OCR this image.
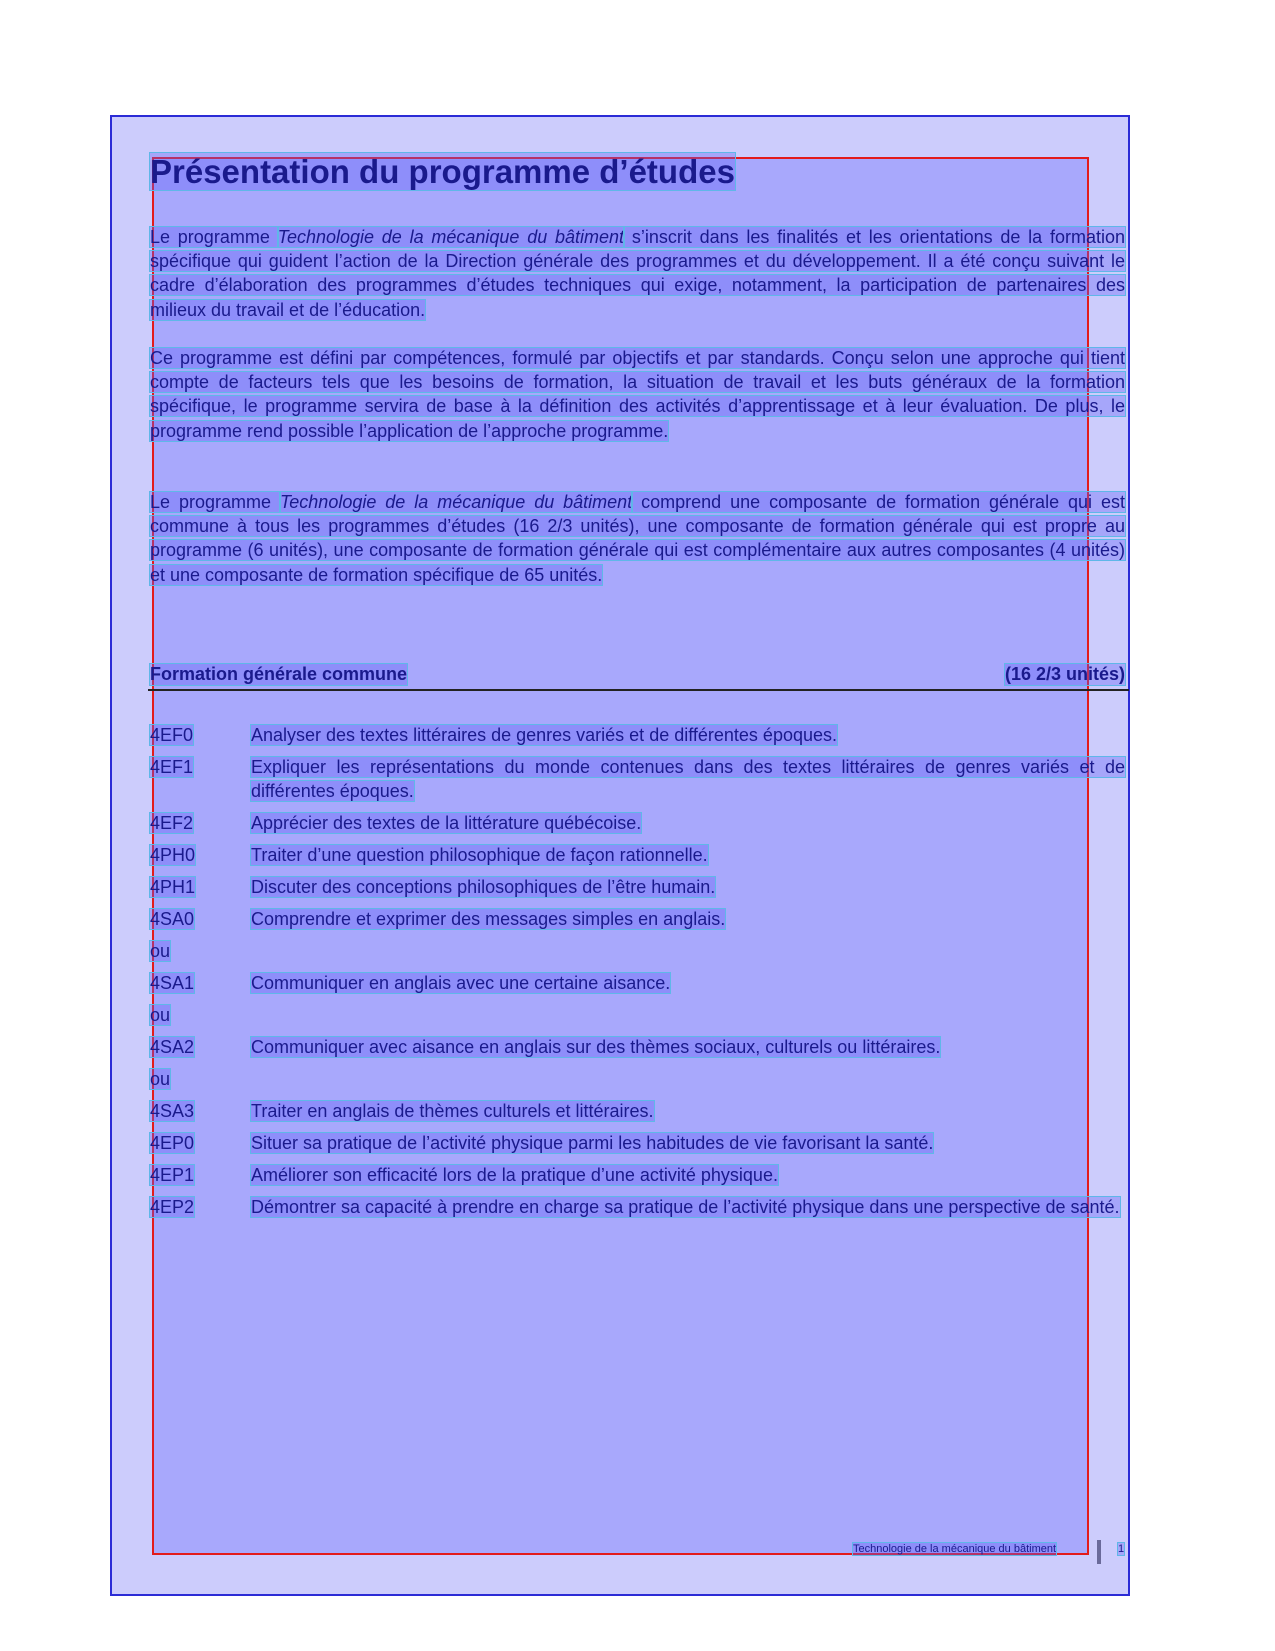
Présentation du programme d’études

Le programme Technologie de la mécanique du bâtiment s’inscrit dans les finalités et les orientations de la formation spécifique qui guident l’action de la Direction générale des programmes et du développement. Il a été conçu suivant le cadre d’élaboration des programmes d’études techniques qui exige, notamment, la participation de partenaires des milieux du travail et de l’éducation.

Ce programme est défini par compétences, formulé par objectifs et par standards. Conçu selon une approche qui tient compte de facteurs tels que les besoins de formation, la situation de travail et les buts généraux de la formation spécifique, le programme servira de base à la définition des activités d’apprentissage et à leur évaluation. De plus, le programme rend possible l’application de l’approche programme.

Le programme Technologie de la mécanique du bâtiment comprend une composante de formation générale qui est commune à tous les programmes d’études (16 2/3 unités), une composante de formation générale qui est propre au programme (6 unités), une composante de formation générale qui est complémentaire aux autres composantes (4 unités) et une composante de formation spécifique de 65 unités.

Formation générale commune	(16 2/3 unités)
4EF0	Analyser des textes littéraires de genres variés et de différentes époques.
4EF1	Expliquer les représentations du monde contenues dans des textes littéraires de genres variés et de différentes époques.
4EF2	Apprécier des textes de la littérature québécoise.
4PH0	Traiter d’une question philosophique de façon rationnelle.
4PH1	Discuter des conceptions philosophiques de l’être humain.
4SA0	Comprendre et exprimer des messages simples en anglais.
ou
4SA1	Communiquer en anglais avec une certaine aisance.
ou
4SA2	Communiquer avec aisance en anglais sur des thèmes sociaux, culturels ou littéraires.
ou
4SA3	Traiter en anglais de thèmes culturels et littéraires.
4EP0	Situer sa pratique de l’activité physique parmi les habitudes de vie favorisant la santé.
4EP1	Améliorer son efficacité lors de la pratique d’une activité physique.
4EP2	Démontrer sa capacité à prendre en charge sa pratique de l’activité physique dans une perspective de santé.
Technologie de la mécanique du bâtiment	1
